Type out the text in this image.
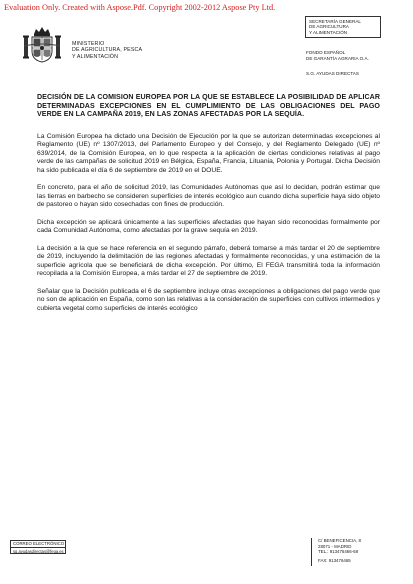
Evaluation Only. Created with Aspose.Pdf. Copyright 2002-2012 Aspose Pty Ltd.
MINISTERIO
DE AGRICULTURA, PESCA
Y ALIMENTACIÓN
SECRETARÍA GENERAL
DE AGRICULTURA
Y ALIMENTACIÓN
FONDO ESPAÑOL
DE GARANTÍA AGRARIA O.A.
S.G. AYUDAS DIRECTAS

DECISIÓN DE LA COMISION EUROPEA POR LA QUE SE ESTABLECE LA POSIBILIDAD DE APLICAR DETERMINADAS EXCEPCIONES EN EL CUMPLIMIENTO DE LAS OBLIGACIONES DEL PAGO VERDE EN LA CAMPAÑA 2019, EN LAS ZONAS AFECTADAS POR LA SEQUÍA.

La Comisión Europea ha dictado una Decisión de Ejecución por la que se autorizan determinadas excepciones al Reglamento (UE) nº 1307/2013, del Parlamento Europeo y del Consejo, y del Reglamento Delegado (UE) nº 639/2014, de la Comisión Europea, en lo que respecta a la aplicación de ciertas condiciones relativas al pago verde de las campañas de solicitud 2019 en Bélgica, España, Francia, Lituania, Polonia y Portugal. Dicha Decisión ha sido publicada el día 6 de septiembre de 2019 en el DOUE.

En concreto, para el año de solicitud 2019, las Comunidades Autónomas que así lo decidan, podrán estimar que las tierras en barbecho se consideren superficies de interés ecológico aun cuando dicha superficie haya sido objeto de pastoreo o hayan sido cosechadas con fines de producción.

Dicha excepción se aplicará únicamente a las superficies afectadas que hayan sido reconocidas formalmente por cada Comunidad Autónoma, como afectadas por la grave sequía en 2019.

La decisión a la que se hace referencia en el segundo párrafo, deberá tomarse a más tardar el 20 de septiembre de 2019, incluyendo la delimitación de las regiones afectadas y formalmente reconocidas, y una estimación de la superficie agrícola que se beneficiará de dicha excepción. Por último, El FEGA transmitirá toda la información recopilada a la Comisión Europea, a más tardar el 27 de septiembre de 2019.

Señalar que la Decisión publicada el 6 de septiembre incluye otras excepciones a obligaciones del pago verde que no son de aplicación en España, como son las relativas a la consideración de superficies con cultivos intermedios y cubierta vegetal como superficies de interés ecológico

CORREO ELECTRÓNICO
sg.ayudasdirectas@fega.es
C/ BENEFICENCIA, 8
28071 - MADRID
TEL.: 913476466-68
FAX: 913476465
